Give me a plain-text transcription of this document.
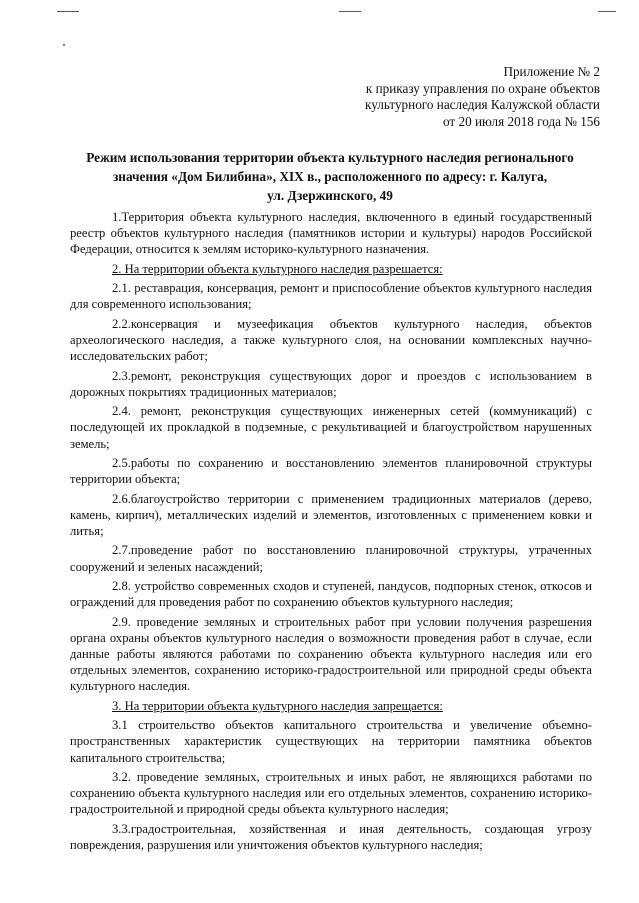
Приложение № 2
к приказу управления по охране объектов
культурного наследия Калужской области
от 20 июля 2018 года № 156
Режим использования территории объекта культурного наследия регионального
значения «Дом Билибина», XIX в., расположенного по адресу: г. Калуга,
ул. Дзержинского, 49

1.Территория объекта культурного наследия, включенного в единый государственный реестр объектов культурного наследия (памятников истории и культуры) народов Российской Федерации, относится к землям историко-культурного назначения.

2. На территории объекта культурного наследия разрешается:

2.1. реставрация, консервация, ремонт и приспособление объектов культурного наследия для современного использования;

2.2.консервация и музеефикация объектов культурного наследия, объектов археологического наследия, а также культурного слоя, на основании комплексных научно-исследовательских работ;

2.3.ремонт, реконструкция существующих дорог и проездов с использованием в дорожных покрытиях традиционных материалов;

2.4. ремонт, реконструкция существующих инженерных сетей (коммуникаций) с последующей их прокладкой в подземные, с рекультивацией и благоустройством нарушенных земель;

2.5.работы по сохранению и восстановлению элементов планировочной структуры территории объекта;

2.6.благоустройство территории с применением традиционных материалов (дерево, камень, кирпич), металлических изделий и элементов, изготовленных с применением ковки и литья;

2.7.проведение работ по восстановлению планировочной структуры, утраченных сооружений и зеленых насаждений;

2.8. устройство современных сходов и ступеней, пандусов, подпорных стенок, откосов и ограждений для проведения работ по сохранению объектов культурного наследия;

2.9. проведение земляных и строительных работ при условии получения разрешения органа охраны объектов культурного наследия о возможности проведения работ в случае, если данные работы являются работами по сохранению объекта культурного наследия или его отдельных элементов, сохранению историко-градостроительной или природной среды объекта культурного наследия.

3. На территории объекта культурного наследия запрещается:

3.1 строительство объектов капитального строительства и увеличение объемно-пространственных характеристик существующих на территории памятника объектов капитального строительства;

3.2. проведение земляных, строительных и иных работ, не являющихся работами по сохранению объекта культурного наследия или его отдельных элементов, сохранению историко-градостроительной и природной среды объекта культурного наследия;

3.3.градостроительная, хозяйственная и иная деятельность, создающая угрозу повреждения, разрушения или уничтожения объектов культурного наследия;
